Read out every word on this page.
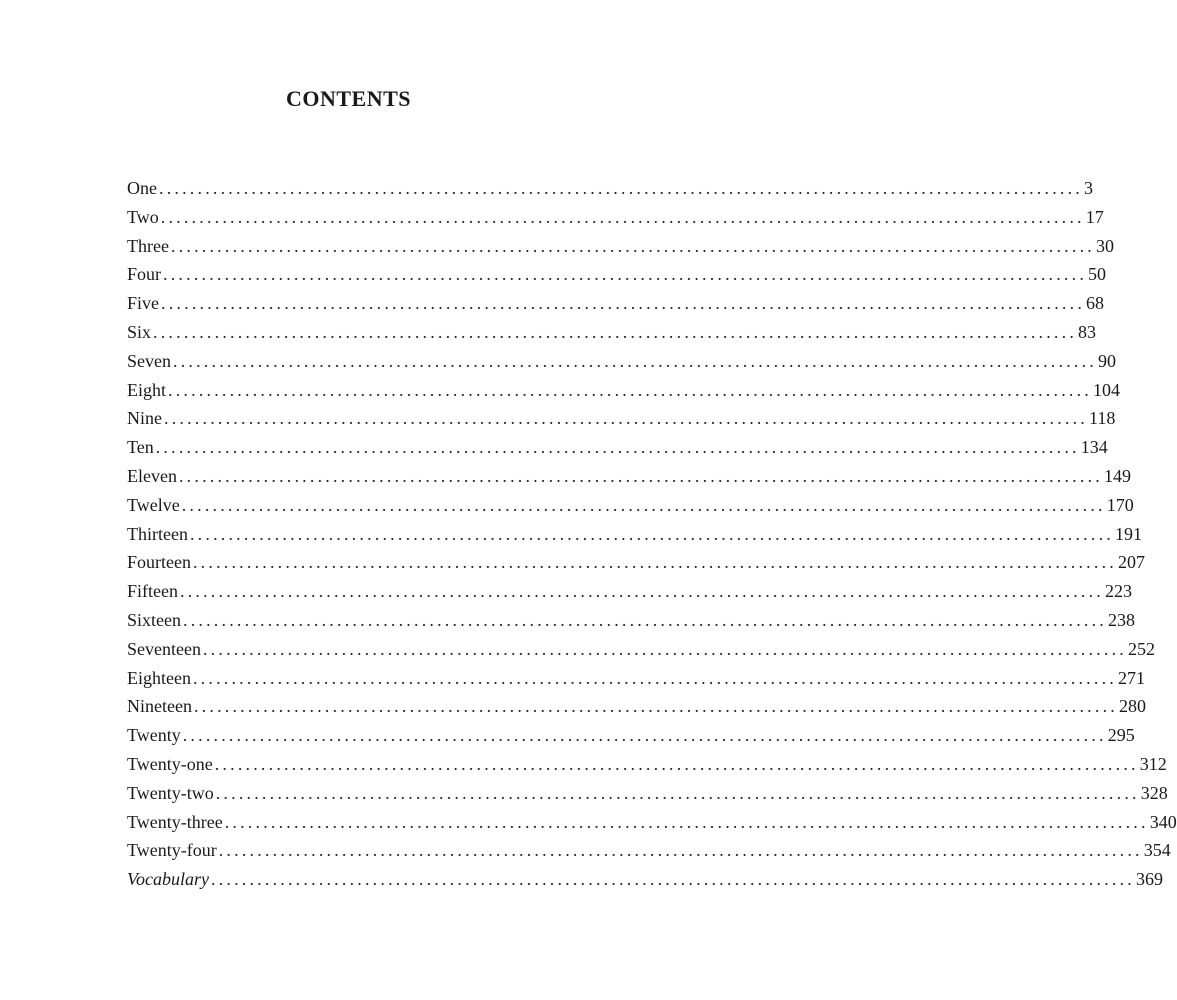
CONTENTS
One ........................................................................................................................ 3
Two ........................................................................................................................ 17
Three ........................................................................................................................ 30
Four ........................................................................................................................ 50
Five ........................................................................................................................ 68
Six ........................................................................................................................ 83
Seven ........................................................................................................................ 90
Eight ........................................................................................................................ 104
Nine ........................................................................................................................ 118
Ten ........................................................................................................................ 134
Eleven ........................................................................................................................ 149
Twelve ........................................................................................................................ 170
Thirteen ........................................................................................................................ 191
Fourteen ........................................................................................................................ 207
Fifteen ........................................................................................................................ 223
Sixteen ........................................................................................................................ 238
Seventeen ........................................................................................................................ 252
Eighteen ........................................................................................................................ 271
Nineteen ........................................................................................................................ 280
Twenty ........................................................................................................................ 295
Twenty-one ........................................................................................................................ 312
Twenty-two ........................................................................................................................ 328
Twenty-three ........................................................................................................................ 340
Twenty-four ........................................................................................................................ 354
Vocabulary ........................................................................................................................ 369
